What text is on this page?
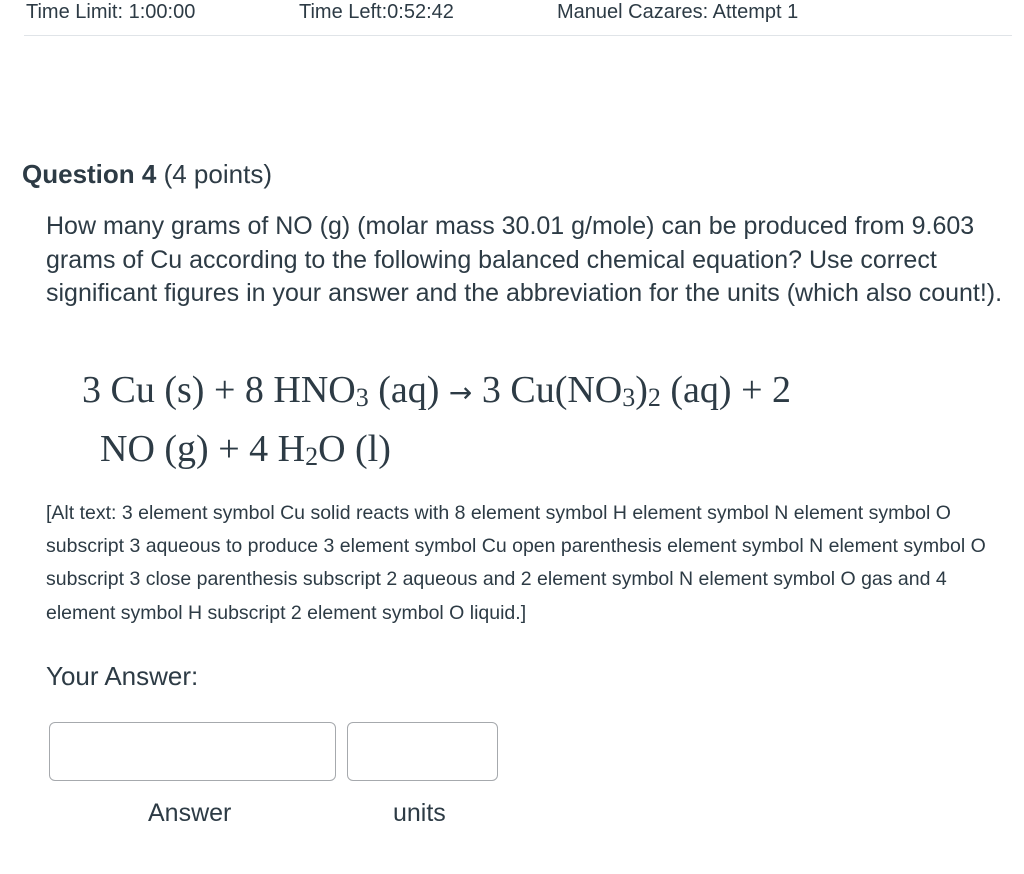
Time Limit: 1:00:00	Time Left:0:52:42	Manuel Cazares: Attempt 1
Question 4 (4 points)
How many grams of NO (g) (molar mass 30.01 g/mole) can be produced from 9.603 grams of Cu according to the following balanced chemical equation? Use correct significant figures in your answer and the abbreviation for the units (which also count!).
3 Cu (s) + 8 $HNO_3$ (aq) → 3 $Cu(NO_3)_2$ (aq) + 2
NO (g) + 4 $H_2O$ (l)
[Alt text: 3 element symbol Cu solid reacts with 8 element symbol H element symbol N element symbol O subscript 3 aqueous to produce 3 element symbol Cu open parenthesis element symbol N element symbol O subscript 3 close parenthesis subscript 2 aqueous and 2 element symbol N element symbol O gas and 4 element symbol H subscript 2 element symbol O liquid.]
Your Answer:
Answer	units
